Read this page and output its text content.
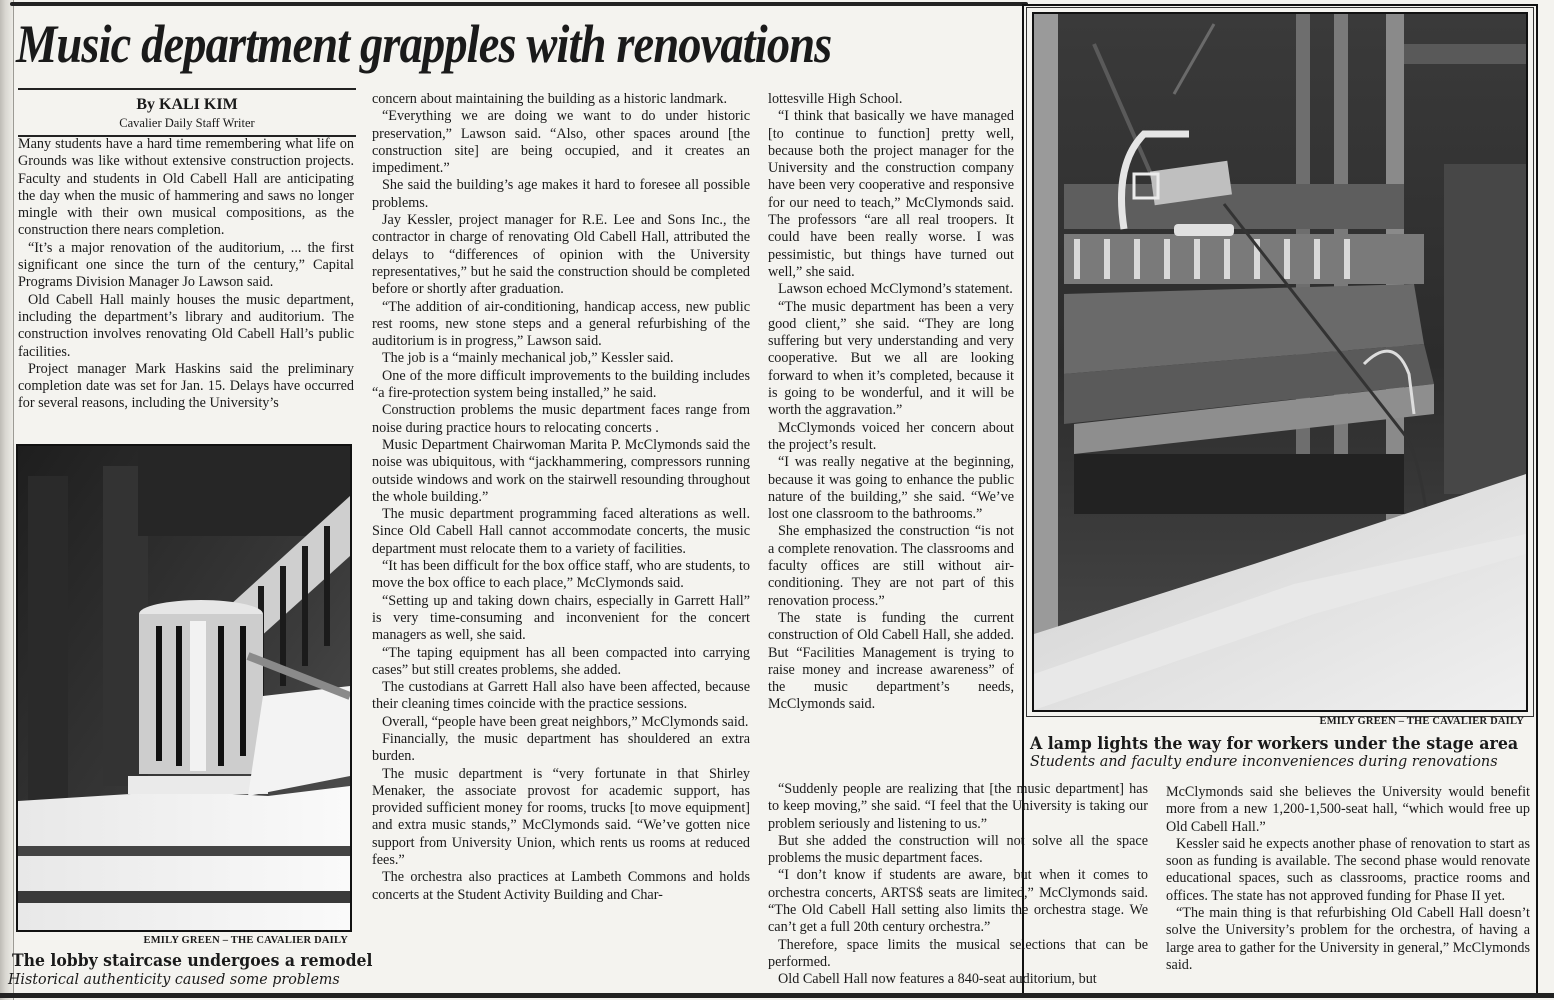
Music department grapples with renovations
By KALI KIM
Cavalier Daily Staff Writer

Many students have a hard time remembering what life on Grounds was like without extensive construction projects. Faculty and students in Old Cabell Hall are anticipating the day when the music of hammering and saws no longer mingle with their own musical compositions, as the construction there nears completion.

“It’s a major renovation of the auditorium, ... the first significant one since the turn of the century,” Capital Programs Division Manager Jo Lawson said.

Old Cabell Hall mainly houses the music department, including the department’s library and auditorium. The construction involves renovating Old Cabell Hall’s public facilities.

Project manager Mark Haskins said the preliminary completion date was set for Jan. 15. Delays have occurred for several reasons, including the University’s

EMILY GREEN – THE CAVALIER DAILY
The lobby staircase undergoes a remodel
Historical authenticity caused some problems

concern about maintaining the building as a historic landmark.

“Everything we are doing we want to do under historic preservation,” Lawson said. “Also, other spaces around [the construction site] are being occupied, and it creates an impediment.”

She said the building’s age makes it hard to foresee all possible problems.

Jay Kessler, project manager for R.E. Lee and Sons Inc., the contractor in charge of renovating Old Cabell Hall, attributed the delays to “differences of opinion with the University representatives,” but he said the construction should be completed before or shortly after graduation.

“The addition of air-conditioning, handicap access, new public rest rooms, new stone steps and a general refurbishing of the auditorium is in progress,” Lawson said.

The job is a “mainly mechanical job,” Kessler said.

One of the more difficult improvements to the building includes “a fire-protection system being installed,” he said.

Construction problems the music department faces range from noise during practice hours to relocating concerts .

Music Department Chairwoman Marita P. McClymonds said the noise was ubiquitous, with “jackhammering, compressors running outside windows and work on the stairwell resounding throughout the whole building.”

The music department programming faced alterations as well. Since Old Cabell Hall cannot accommodate concerts, the music department must relocate them to a variety of facilities.

“It has been difficult for the box office staff, who are students, to move the box office to each place,” McClymonds said.

“Setting up and taking down chairs, especially in Garrett Hall” is very time-consuming and inconvenient for the concert managers as well, she said.

“The taping equipment has all been compacted into carrying cases” but still creates problems, she added.

The custodians at Garrett Hall also have been affected, because their cleaning times coincide with the practice sessions.

Overall, “people have been great neighbors,” McClymonds said.

Financially, the music department has shouldered an extra burden.

The music department is “very fortunate in that Shirley Menaker, the associate provost for academic support, has provided sufficient money for rooms, trucks [to move equipment] and extra music stands,” McClymonds said. “We’ve gotten nice support from University Union, which rents us rooms at reduced fees.”

The orchestra also practices at Lambeth Commons and holds concerts at the Student Activity Building and Char-

lottesville High School.

“I think that basically we have managed [to continue to function] pretty well, because both the project manager for the University and the construction company have been very cooperative and responsive for our need to teach,” McClymonds said. The professors “are all real troopers. It could have been really worse. I was pessimistic, but things have turned out well,” she said.

Lawson echoed McClymond’s statement.

“The music department has been a very good client,” she said. “They are long suffering but very understanding and very cooperative. But we all are looking forward to when it’s completed, because it is going to be wonderful, and it will be worth the aggravation.”

McClymonds voiced her concern about the project’s result.

“I was really negative at the beginning, because it was going to enhance the public nature of the building,” she said. “We’ve lost one classroom to the bathrooms.”

She emphasized the construction “is not a complete renovation. The classrooms and faculty offices are still without air-conditioning. They are not part of this renovation process.”

The state is funding the current construction of Old Cabell Hall, she added. But “Facilities Management is trying to raise money and increase awareness” of the music department’s needs, McClymonds said.

“Suddenly people are realizing that [the music department] has to keep moving,” she said. “I feel that the University is taking our problem seriously and listening to us.”

But she added the construction will not solve all the space problems the music department faces.

“I don’t know if students are aware, but when it comes to orchestra concerts, ARTS$ seats are limited,” McClymonds said. “The Old Cabell Hall setting also limits the orchestra stage. We can’t get a full 20th century orchestra.”

Therefore, space limits the musical selections that can be performed.

Old Cabell Hall now features a 840-seat auditorium, but

EMILY GREEN – THE CAVALIER DAILY
A lamp lights the way for workers under the stage area
Students and faculty endure inconveniences during renovations

McClymonds said she believes the University would benefit more from a new 1,200-1,500-seat hall, “which would free up Old Cabell Hall.”

Kessler said he expects another phase of renovation to start as soon as funding is available. The second phase would renovate educational spaces, such as classrooms, practice rooms and offices. The state has not approved funding for Phase II yet.

“The main thing is that refurbishing Old Cabell Hall doesn’t solve the University’s problem for the orchestra, of having a large area to gather for the University in general,” McClymonds said.
